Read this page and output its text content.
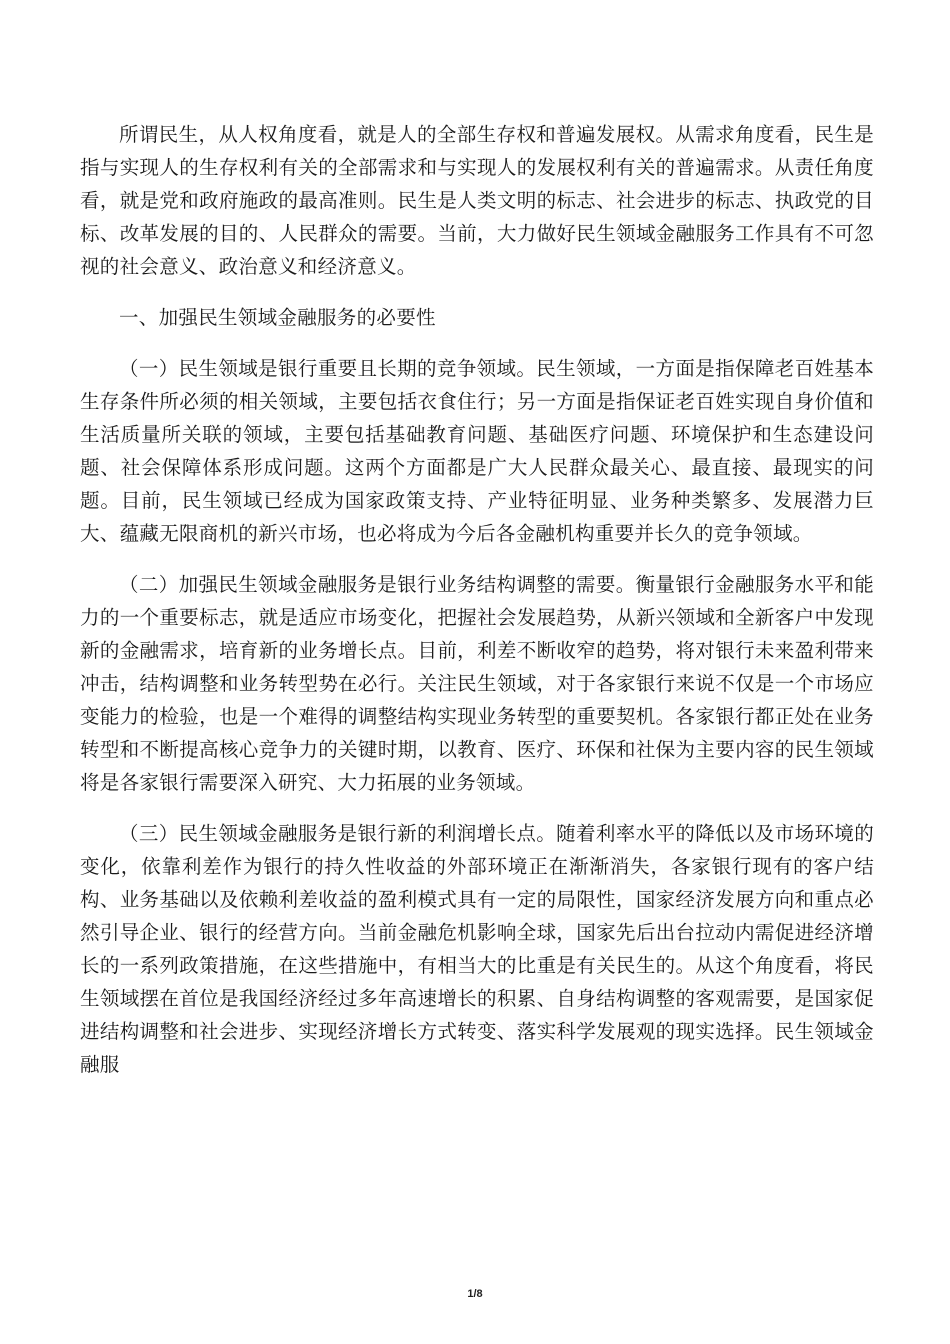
所谓民生，从人权角度看，就是人的全部生存权和普遍发展权。从需求角度看，民生是指与实现人的生存权利有关的全部需求和与实现人的发展权利有关的普遍需求。从责任角度看，就是党和政府施政的最高准则。民生是人类文明的标志、社会进步的标志、执政党的目标、改革发展的目的、人民群众的需要。当前，大力做好民生领域金融服务工作具有不可忽视的社会意义、政治意义和经济意义。

一、加强民生领域金融服务的必要性

（一）民生领域是银行重要且长期的竞争领域。民生领域，一方面是指保障老百姓基本生存条件所必须的相关领域，主要包括衣食住行；另一方面是指保证老百姓实现自身价值和生活质量所关联的领域，主要包括基础教育问题、基础医疗问题、环境保护和生态建设问题、社会保障体系形成问题。这两个方面都是广大人民群众最关心、最直接、最现实的问题。目前，民生领域已经成为国家政策支持、产业特征明显、业务种类繁多、发展潜力巨大、蕴藏无限商机的新兴市场，也必将成为今后各金融机构重要并长久的竞争领域。

（二）加强民生领域金融服务是银行业务结构调整的需要。衡量银行金融服务水平和能力的一个重要标志，就是适应市场变化，把握社会发展趋势，从新兴领域和全新客户中发现新的金融需求，培育新的业务增长点。目前，利差不断收窄的趋势，将对银行未来盈利带来冲击，结构调整和业务转型势在必行。关注民生领域，对于各家银行来说不仅是一个市场应变能力的检验，也是一个难得的调整结构实现业务转型的重要契机。各家银行都正处在业务转型和不断提高核心竞争力的关键时期，以教育、医疗、环保和社保为主要内容的民生领域将是各家银行需要深入研究、大力拓展的业务领域。

（三）民生领域金融服务是银行新的利润增长点。随着利率水平的降低以及市场环境的变化，依靠利差作为银行的持久性收益的外部环境正在渐渐消失，各家银行现有的客户结构、业务基础以及依赖利差收益的盈利模式具有一定的局限性，国家经济发展方向和重点必然引导企业、银行的经营方向。当前金融危机影响全球，国家先后出台拉动内需促进经济增长的一系列政策措施，在这些措施中，有相当大的比重是有关民生的。从这个角度看，将民生领域摆在首位是我国经济经过多年高速增长的积累、自身结构调整的客观需要，是国家促进结构调整和社会进步、实现经济增长方式转变、落实科学发展观的现实选择。民生领域金融服

1/8
